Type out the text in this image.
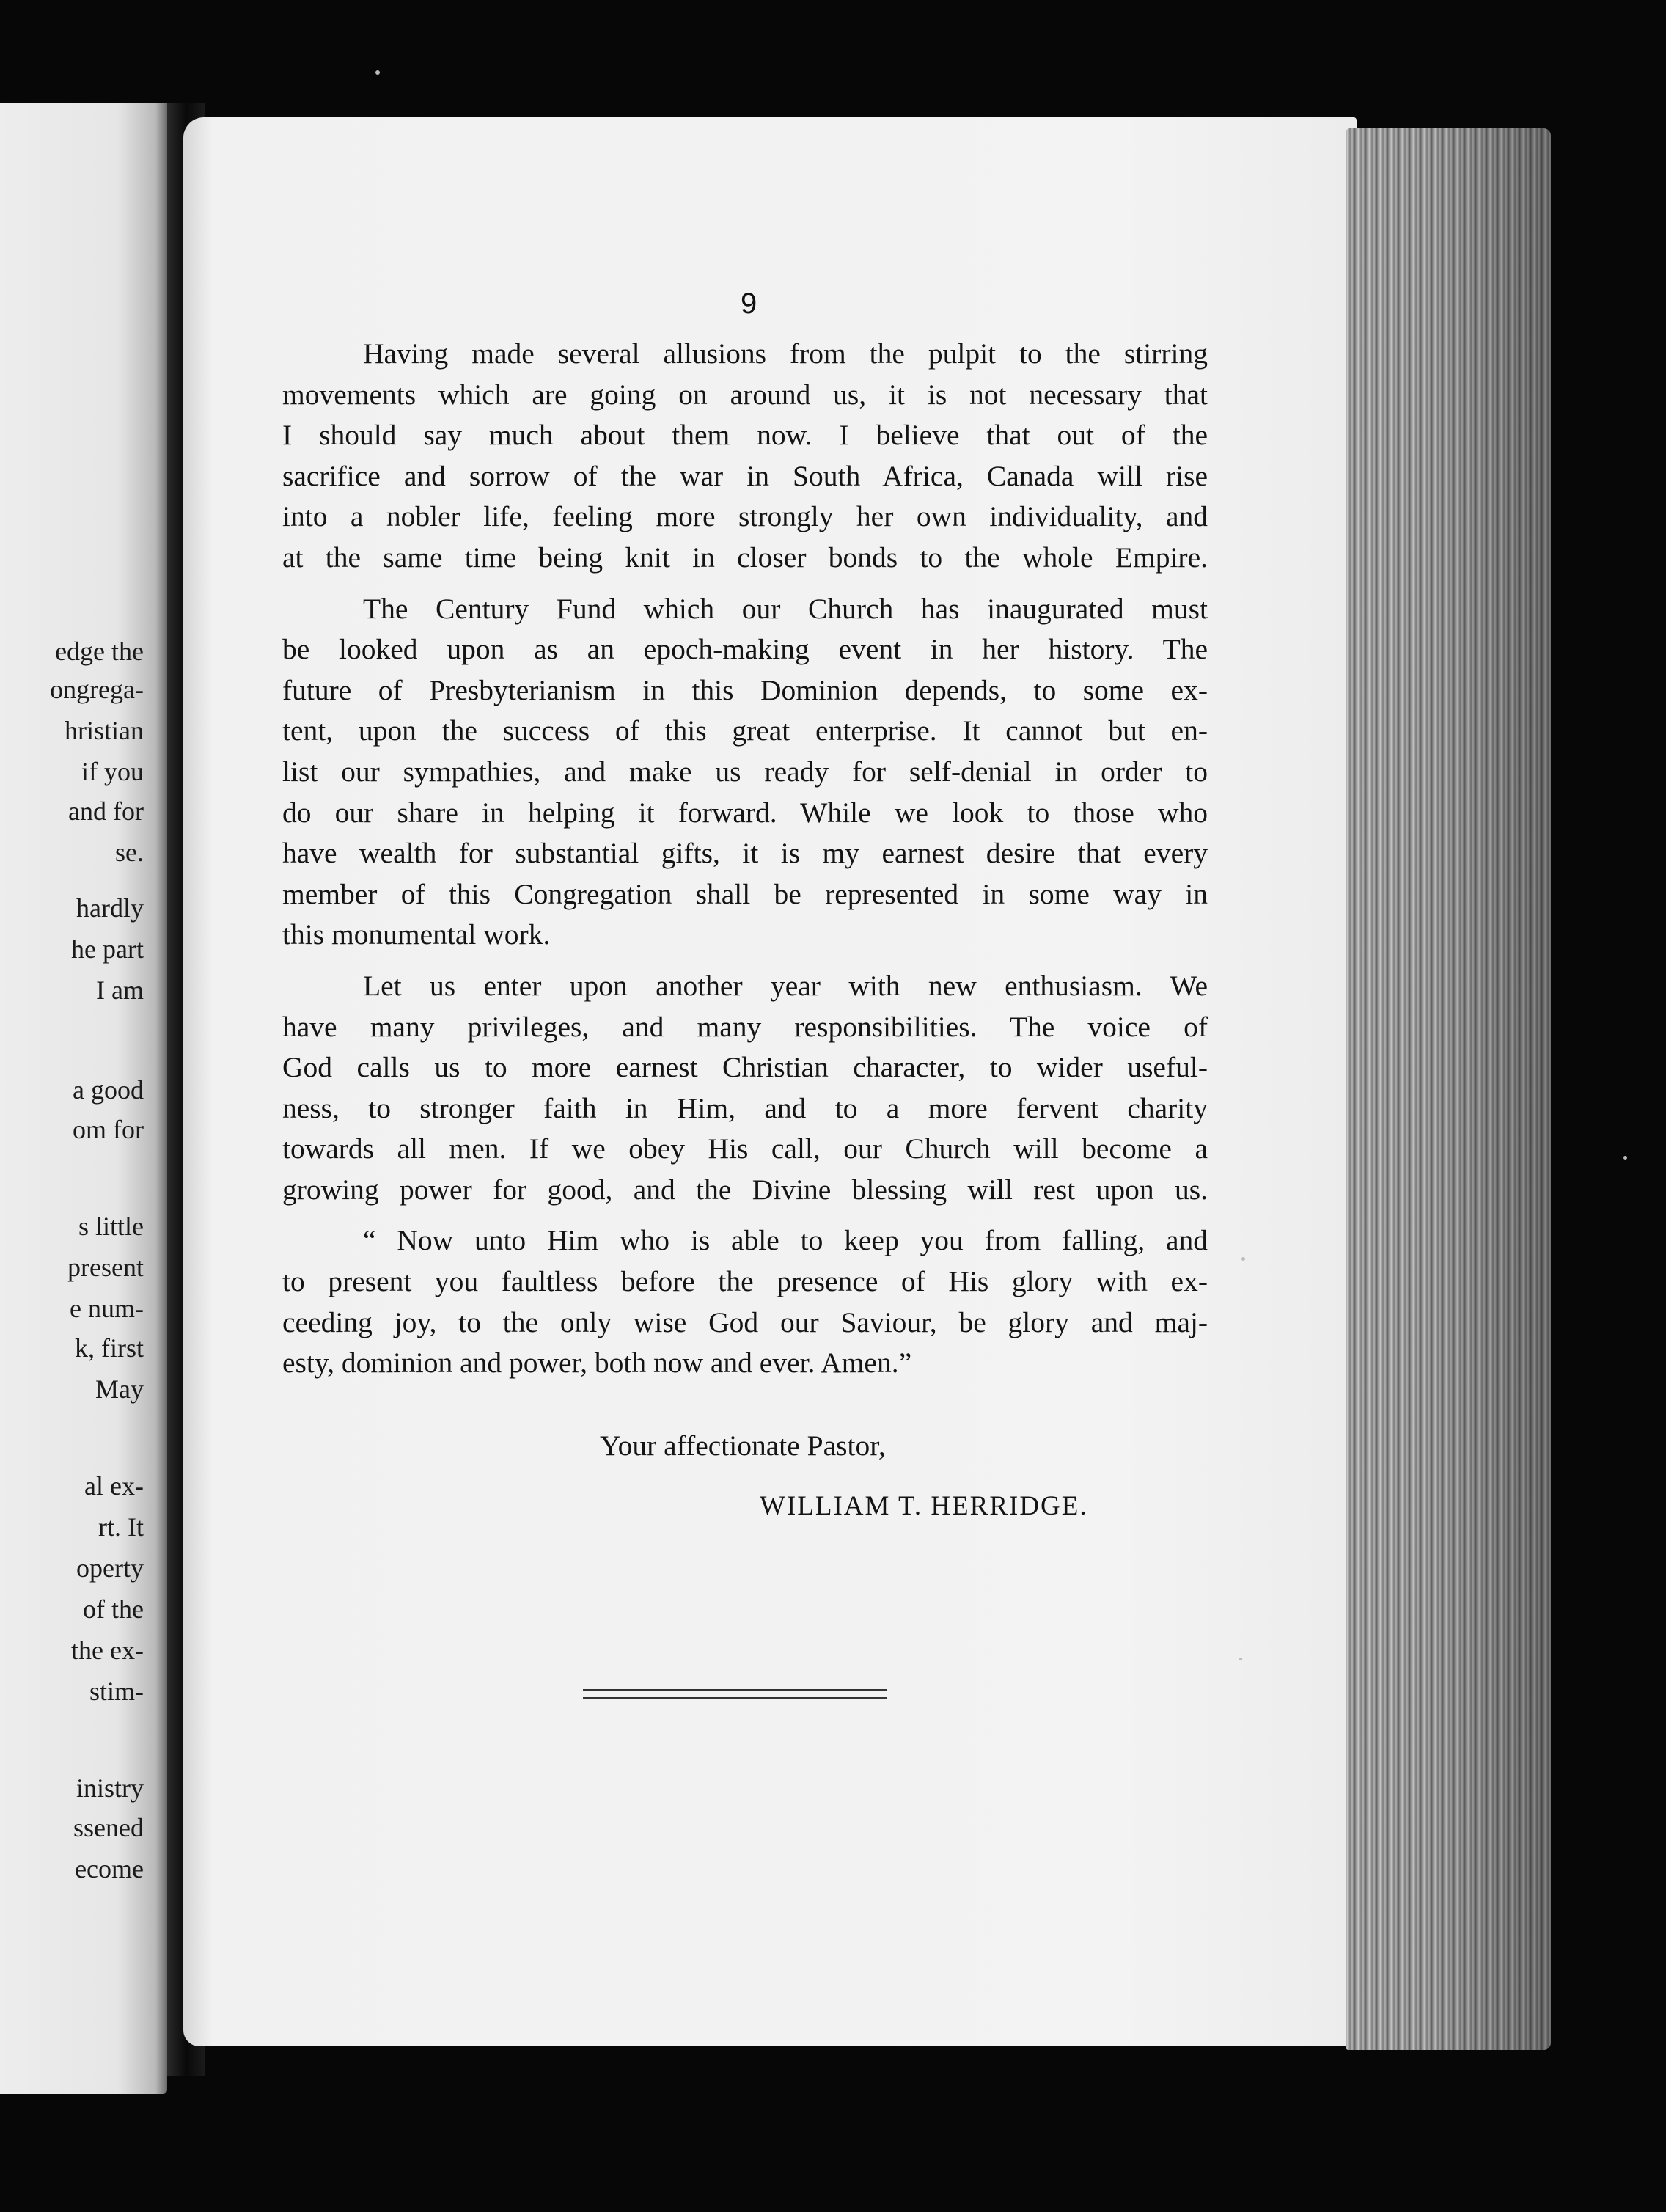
edge the
ongrega-
hristian
if you
and for
se.
hardly
he part
I am
a good
om for
s little
present
e num-
k, first
May
al ex-
rt. It
operty
of the
the ex-
stim-
inistry
ssened
ecome
9
Having made several allusions from the pulpit to the stirring
movements which are going on around us, it is not necessary that
I should say much about them now. I believe that out of the
sacrifice and sorrow of the war in South Africa, Canada will rise
into a nobler life, feeling more strongly her own individuality, and
at the same time being knit in closer bonds to the whole Empire.
The Century Fund which our Church has inaugurated must
be looked upon as an epoch-making event in her history. The
future of Presbyterianism in this Dominion depends, to some ex-
tent, upon the success of this great enterprise. It cannot but en-
list our sympathies, and make us ready for self-denial in order to
do our share in helping it forward. While we look to those who
have wealth for substantial gifts, it is my earnest desire that every
member of this Congregation shall be represented in some way in
this monumental work.
Let us enter upon another year with new enthusiasm. We
have many privileges, and many responsibilities. The voice of
God calls us to more earnest Christian character, to wider useful-
ness, to stronger faith in Him, and to a more fervent charity
towards all men. If we obey His call, our Church will become a
growing power for good, and the Divine blessing will rest upon us.
“ Now unto Him who is able to keep you from falling, and
to present you faultless before the presence of His glory with ex-
ceeding joy, to the only wise God our Saviour, be glory and maj-
esty, dominion and power, both now and ever. Amen.”
Your affectionate Pastor,
WILLIAM T. HERRIDGE.
